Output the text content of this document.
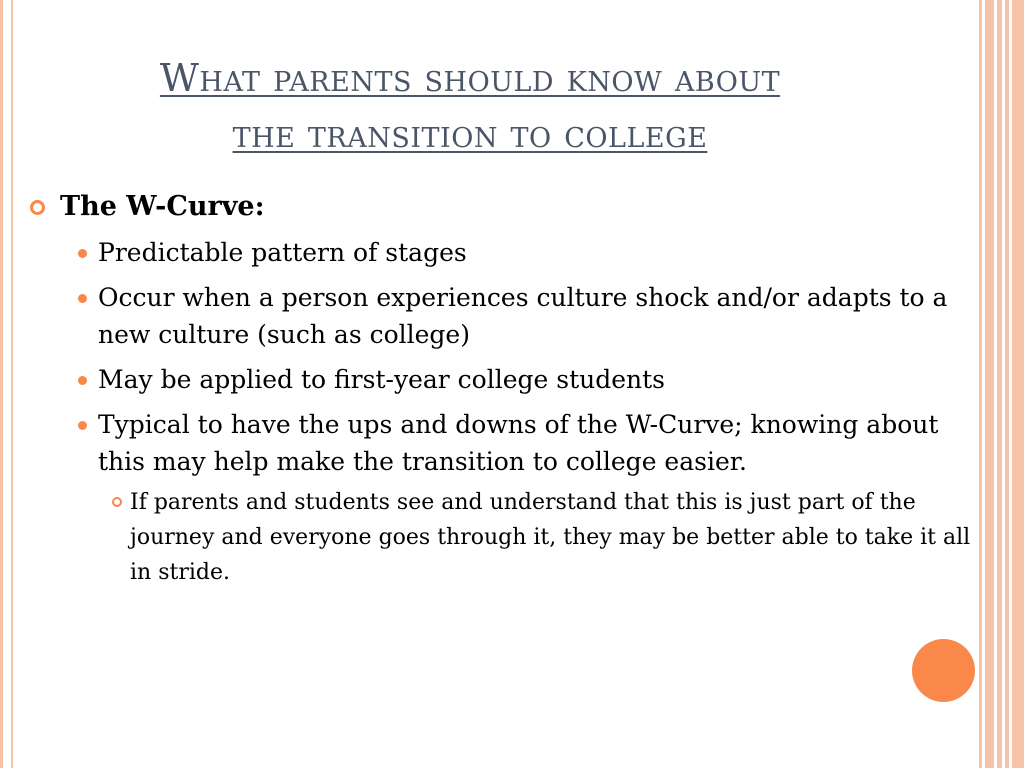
What parents should know about
the transition to college
The W-Curve:
Predictable pattern of stages
Occur when a person experiences culture shock and/or adapts to a new culture (such as college)
May be applied to first-year college students
Typical to have the ups and downs of the W-Curve; knowing about this may help make the transition to college easier.
If parents and students see and understand that this is just part of the journey and everyone goes through it, they may be better able to take it all in stride.
